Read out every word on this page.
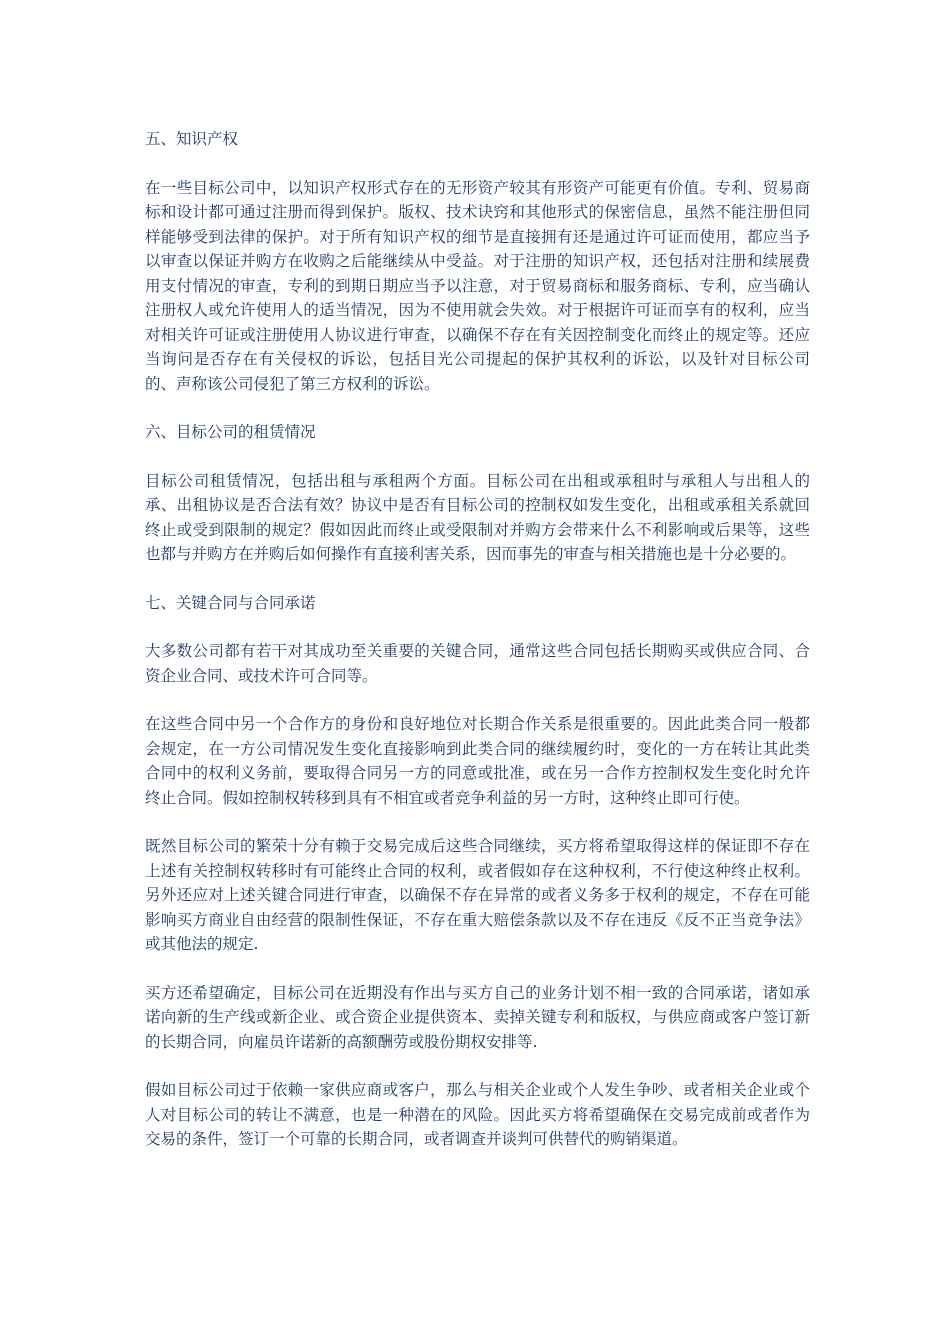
五、知识产权
在一些目标公司中，以知识产权形式存在的无形资产较其有形资产可能更有价值。专利、贸易商标和设计都可通过注册而得到保护。版权、技术诀窍和其他形式的保密信息，虽然不能注册但同样能够受到法律的保护。对于所有知识产权的细节是直接拥有还是通过许可证而使用，都应当予以审查以保证并购方在收购之后能继续从中受益。对于注册的知识产权，还包括对注册和续展费用支付情况的审查，专利的到期日期应当予以注意，对于贸易商标和服务商标、专利，应当确认注册权人或允许使用人的适当情况，因为不使用就会失效。对于根据许可证而享有的权利，应当对相关许可证或注册使用人协议进行审查，以确保不存在有关因控制变化而终止的规定等。还应当询问是否存在有关侵权的诉讼，包括目光公司提起的保护其权利的诉讼，以及针对目标公司的、声称该公司侵犯了第三方权利的诉讼。
六、目标公司的租赁情况
目标公司租赁情况，包括出租与承租两个方面。目标公司在出租或承租时与承租人与出租人的承、出租协议是否合法有效？协议中是否有目标公司的控制权如发生变化，出租或承租关系就回终止或受到限制的规定？假如因此而终止或受限制对并购方会带来什么不利影响或后果等，这些也都与并购方在并购后如何操作有直接利害关系，因而事先的审查与相关措施也是十分必要的。
七、关键合同与合同承诺
大多数公司都有若干对其成功至关重要的关键合同，通常这些合同包括长期购买或供应合同、合资企业合同、或技术许可合同等。
在这些合同中另一个合作方的身份和良好地位对长期合作关系是很重要的。因此此类合同一般都会规定，在一方公司情况发生变化直接影响到此类合同的继续履约时，变化的一方在转让其此类合同中的权利义务前，要取得合同另一方的同意或批准，或在另一合作方控制权发生变化时允许终止合同。假如控制权转移到具有不相宜或者竞争利益的另一方时，这种终止即可行使。
既然目标公司的繁荣十分有赖于交易完成后这些合同继续，买方将希望取得这样的保证即不存在上述有关控制权转移时有可能终止合同的权利，或者假如存在这种权利，不行使这种终止权利。另外还应对上述关键合同进行审查，以确保不存在异常的或者义务多于权利的规定，不存在可能影响买方商业自由经营的限制性保证，不存在重大赔偿条款以及不存在违反《反不正当竞争法》或其他法的规定.
买方还希望确定，目标公司在近期没有作出与买方自己的业务计划不相一致的合同承诺，诸如承诺向新的生产线或新企业、或合资企业提供资本、卖掉关键专利和版权，与供应商或客户签订新的长期合同，向雇员许诺新的高额酬劳或股份期权安排等.
假如目标公司过于依赖一家供应商或客户，那么与相关企业或个人发生争吵、或者相关企业或个人对目标公司的转让不满意，也是一种潜在的风险。因此买方将希望确保在交易完成前或者作为交易的条件，签订一个可靠的长期合同，或者调查并谈判可供替代的购销渠道。
